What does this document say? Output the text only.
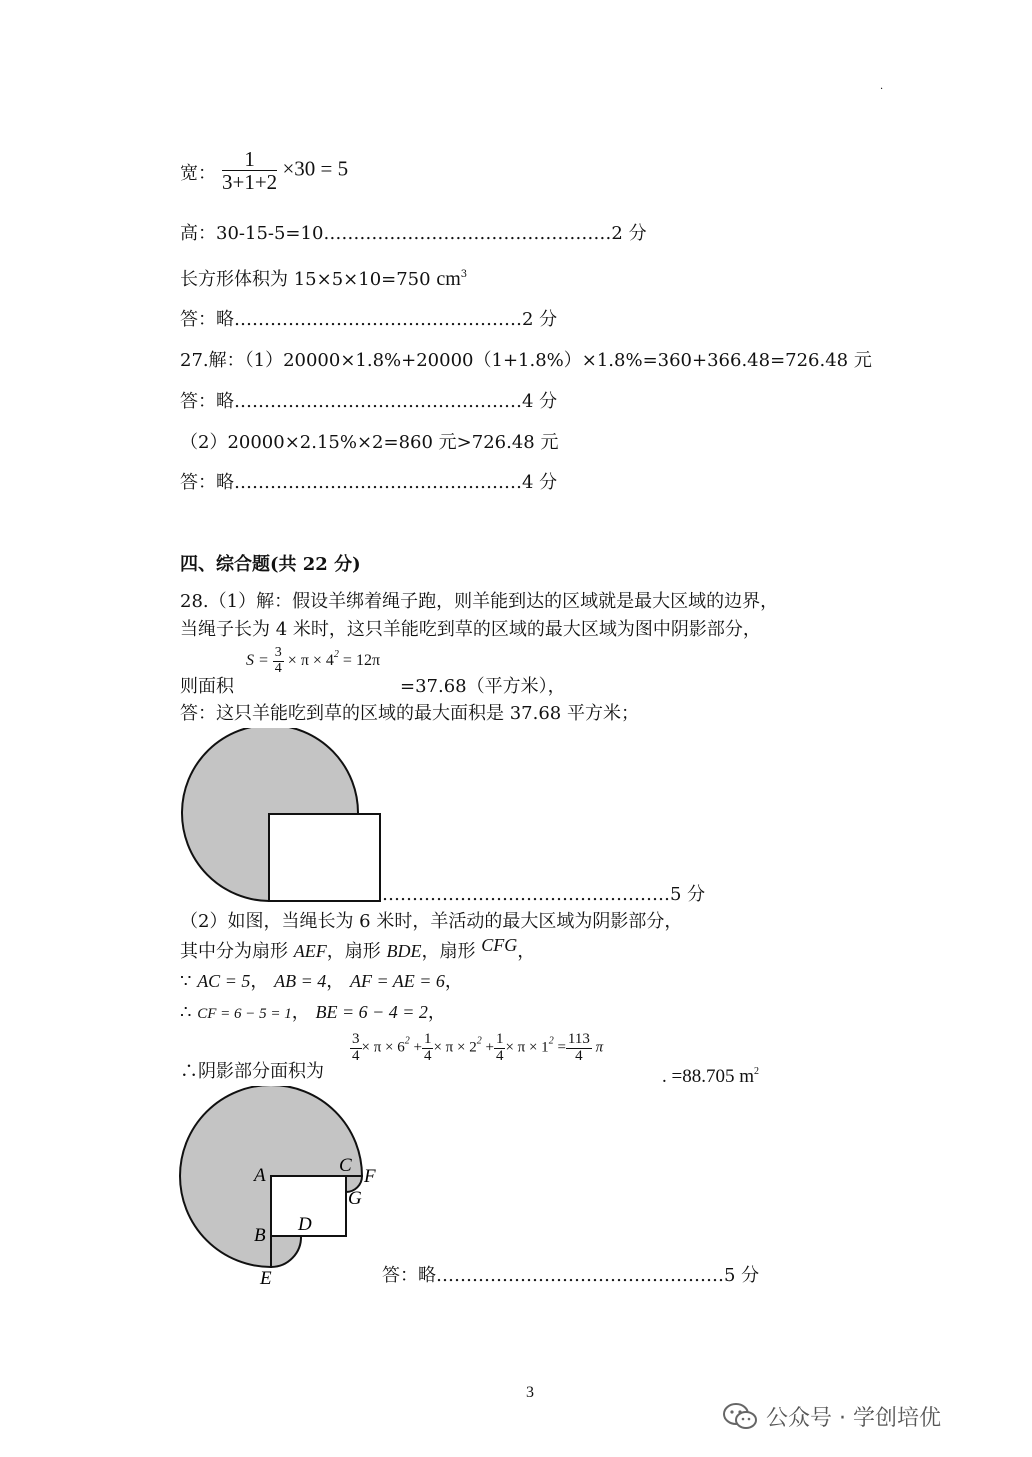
·
宽： $\frac{1}{3+1+2} \times 30 = 5$
高：30-15-5=10…………………………………………2 分
长方形体积为 15×5×10=750 $cm^3$
答：略…………………………………………2 分
27.解：（1）20000×1.8%+20000（1+1.8%）×1.8%=360+366.48=726.48 元
答：略…………………………………………4 分
（2）20000×2.15%×2=860 元>726.48 元
答：略…………………………………………4 分
四、综合题(共 22 分)
28.（1）解：假设羊绑着绳子跑，则羊能到达的区域就是最大区域的边界，
当绳子长为 4 米时，这只羊能吃到草的区域的最大区域为图中阴影部分，
则面积
$S = \frac{3}{4} \times \pi \times 4^2 = 12\pi$
=37.68（平方米），
答：这只羊能吃到草的区域的最大面积是 37.68 平方米；
…………………………………………5 分
（2）如图，当绳长为 6 米时，羊活动的最大区域为阴影部分，
其中分为扇形 AEF，扇形 BDE，扇形 CFG，
∵ AC = 5， AB = 4， AF = AE = 6，
∴ CF = 6 − 5 = 1， BE = 6 − 4 = 2，
∴阴影部分面积为
$\frac{3}{4} \times \pi \times 6^2 + \frac{1}{4} \times \pi \times 2^2 + \frac{1}{4} \times \pi \times 1^2 = \frac{113}{4}$ π
. =88.705 $m^2$
A
B
C
D
E
F
G
答：略…………………………………………5 分
3
公众号 · 学创培优
